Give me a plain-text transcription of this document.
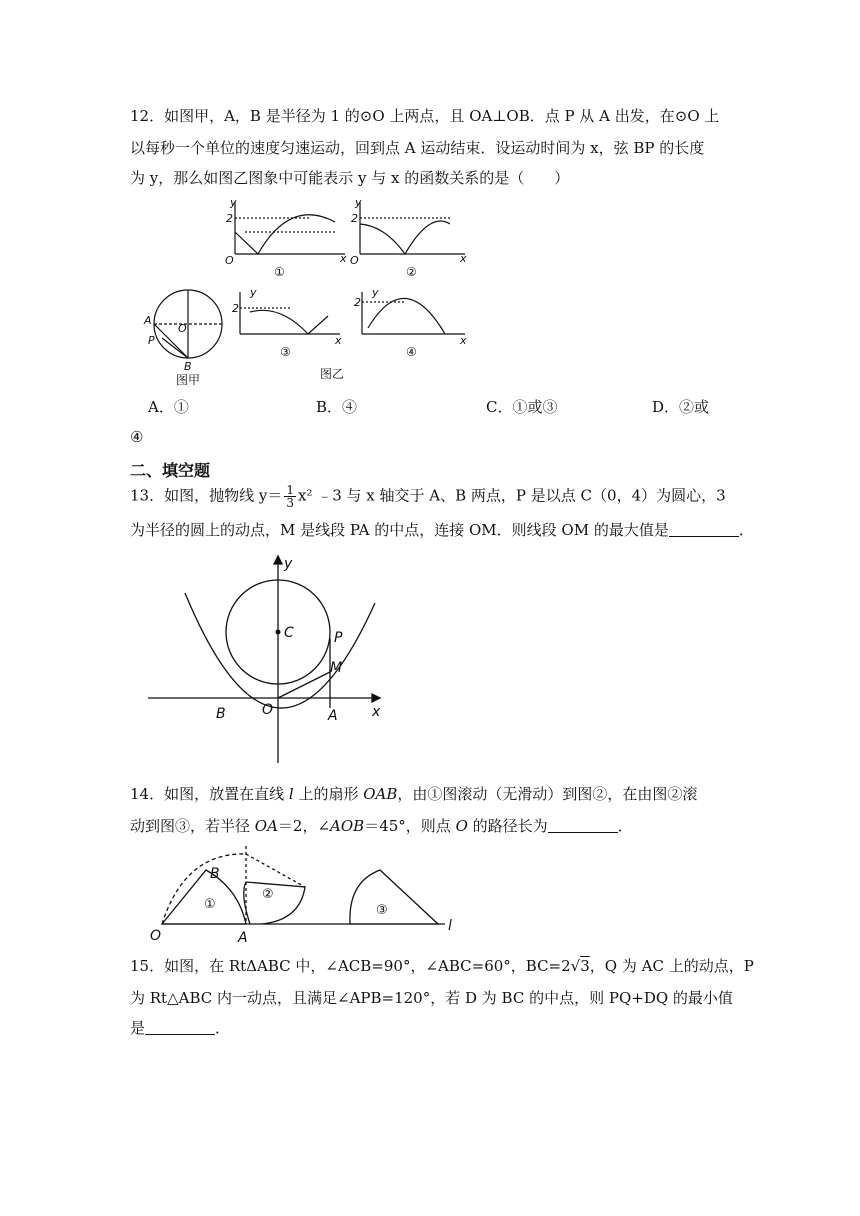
12．如图甲，A，B 是半径为 1 的⊙O 上两点，且 OA⊥OB．点 P 从 A 出发，在⊙O 上
以每秒一个单位的速度匀速运动，回到点 A 运动结束．设运动时间为 x，弦 BP 的长度
为 y，那么如图乙图象中可能表示 y 与 x 的函数关系的是（　　）
y
x
O
2
y
x
O
2
y
x
2
y
x
2
A
P
O
B
①	②
③	④
图甲	图乙
A．①	B．④	C．①或③	D．②或
④
二、填空题
13．如图，抛物线 $y= \frac{1}{3} x^2$ ﹣3 与 x 轴交于 A、B 两点，P 是以点 C（0，4）为圆心，3
为半径的圆上的动点，M 是线段 PA 的中点，连接 OM．则线段 OM 的最大值是	．
y
x
C	P
M
B	O	A
14．如图，放置在直线 l 上的扇形 OAB，由①图滚动（无滑动）到图②，在由图②滚
动到图③，若半径 OA＝2，∠AOB＝45°，则点 O 的路径长为	．
O	A
B
l
①
②
③
15．如图，在 RtΔABC 中，∠ACB=90°，∠ABC=60°，BC=2√3，Q 为 AC 上的动点，P
为 Rt△ABC 内一动点，且满足∠APB=120°，若 D 为 BC 的中点，则 PQ+DQ 的最小值
是	．
